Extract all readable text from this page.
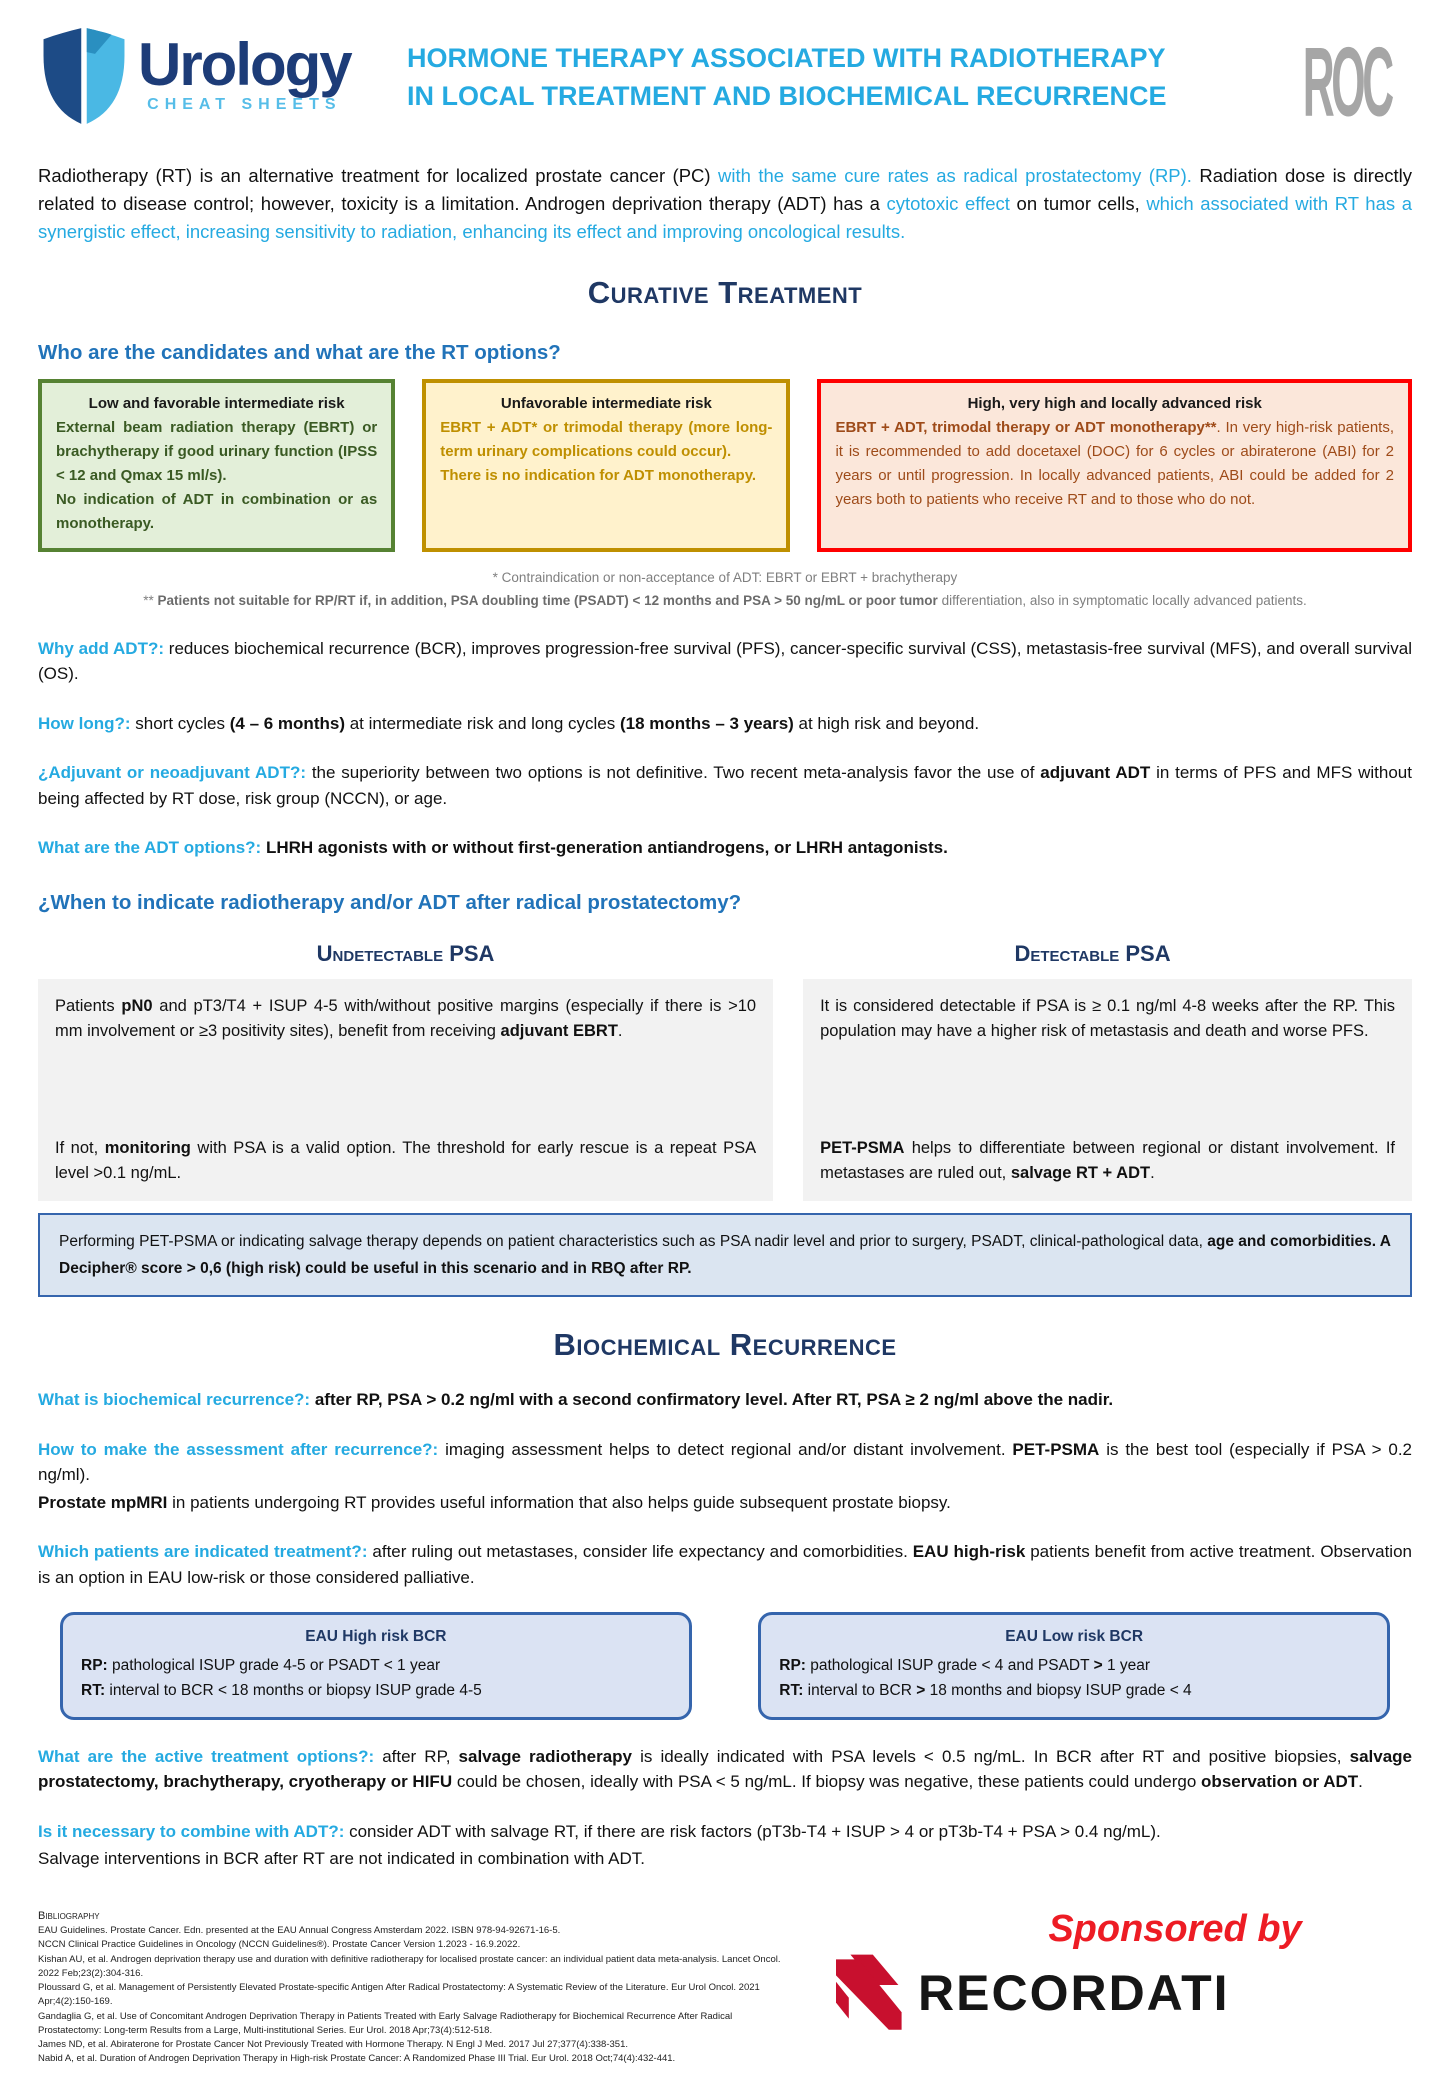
Urology
CHEAT SHEETS
HORMONE THERAPY ASSOCIATED WITH RADIOTHERAPY
IN LOCAL TREATMENT AND BIOCHEMICAL RECURRENCE	ROC

Radiotherapy (RT) is an alternative treatment for localized prostate cancer (PC) with the same cure rates as radical prostatectomy (RP). Radiation dose is directly related to disease control; however, toxicity is a limitation. Androgen deprivation therapy (ADT) has a cytotoxic effect on tumor cells, which associated with RT has a synergistic effect, increasing sensitivity to radiation, enhancing its effect and improving oncological results.

Curative Treatment
Who are the candidates and what are the RT options?

Low and favorable intermediate risk

External beam radiation therapy (EBRT) or brachytherapy if good urinary function (IPSS < 12 and Qmax 15 ml/s).

No indication of ADT in combination or as monotherapy.

Unfavorable intermediate risk

EBRT + ADT* or trimodal therapy (more long-term urinary complications could occur).

There is no indication for ADT monotherapy.

High, very high and locally advanced risk

EBRT + ADT, trimodal therapy or ADT monotherapy**. In very high-risk patients, it is recommended to add docetaxel (DOC) for 6 cycles or abiraterone (ABI) for 2 years or until progression. In locally advanced patients, ABI could be added for 2 years both to patients who receive RT and to those who do not.

* Contraindication or non-acceptance of ADT: EBRT or EBRT + brachytherapy

** Patients not suitable for RP/RT if, in addition, PSA doubling time (PSADT) < 12 months and PSA > 50 ng/mL or poor tumor differentiation, also in symptomatic locally advanced patients.

Why add ADT?: reduces biochemical recurrence (BCR), improves progression-free survival (PFS), cancer-specific survival (CSS), metastasis-free survival (MFS), and overall survival (OS).

How long?: short cycles (4 – 6 months) at intermediate risk and long cycles (18 months – 3 years) at high risk and beyond.

¿Adjuvant or neoadjuvant ADT?: the superiority between two options is not definitive. Two recent meta-analysis favor the use of adjuvant ADT in terms of PFS and MFS without being affected by RT dose, risk group (NCCN), or age.

What are the ADT options?: LHRH agonists with or without first-generation antiandrogens, or LHRH antagonists.

¿When to indicate radiotherapy and/or ADT after radical prostatectomy?
Undetectable PSA	Detectable PSA

Patients pN0 and pT3/T4 + ISUP 4-5 with/without positive margins (especially if there is >10 mm involvement or ≥3 positivity sites), benefit from receiving adjuvant EBRT.

If not, monitoring with PSA is a valid option. The threshold for early rescue is a repeat PSA level >0.1 ng/mL.

It is considered detectable if PSA is ≥ 0.1 ng/ml 4-8 weeks after the RP. This population may have a higher risk of metastasis and death and worse PFS.

PET-PSMA helps to differentiate between regional or distant involvement. If metastases are ruled out, salvage RT + ADT.

Performing PET-PSMA or indicating salvage therapy depends on patient characteristics such as PSA nadir level and prior to surgery, PSADT, clinical-pathological data, age and comorbidities. A Decipher® score > 0,6 (high risk) could be useful in this scenario and in RBQ after RP.

Biochemical Recurrence

What is biochemical recurrence?: after RP, PSA > 0.2 ng/ml with a second confirmatory level. After RT, PSA ≥ 2 ng/ml above the nadir.

How to make the assessment after recurrence?: imaging assessment helps to detect regional and/or distant involvement. PET-PSMA is the best tool (especially if PSA > 0.2 ng/ml).

Prostate mpMRI in patients undergoing RT provides useful information that also helps guide subsequent prostate biopsy.

Which patients are indicated treatment?: after ruling out metastases, consider life expectancy and comorbidities. EAU high-risk patients benefit from active treatment. Observation is an option in EAU low-risk or those considered palliative.

EAU High risk BCR

RP: pathological ISUP grade 4-5 or PSADT < 1 year

RT: interval to BCR < 18 months or biopsy ISUP grade 4-5

EAU Low risk BCR

RP: pathological ISUP grade < 4 and PSADT > 1 year

RT: interval to BCR > 18 months and biopsy ISUP grade < 4

What are the active treatment options?: after RP, salvage radiotherapy is ideally indicated with PSA levels < 0.5 ng/mL. In BCR after RT and positive biopsies, salvage prostatectomy, brachytherapy, cryotherapy or HIFU could be chosen, ideally with PSA < 5 ng/mL. If biopsy was negative, these patients could undergo observation or ADT.

Is it necessary to combine with ADT?: consider ADT with salvage RT, if there are risk factors (pT3b-T4 + ISUP > 4 or pT3b-T4 + PSA > 0.4 ng/mL).

Salvage interventions in BCR after RT are not indicated in combination with ADT.

Bibliography

EAU Guidelines. Prostate Cancer. Edn. presented at the EAU Annual Congress Amsterdam 2022. ISBN 978-94-92671-16-5.

NCCN Clinical Practice Guidelines in Oncology (NCCN Guidelines®). Prostate Cancer Version 1.2023 - 16.9.2022.

Kishan AU, et al. Androgen deprivation therapy use and duration with definitive radiotherapy for localised prostate cancer: an individual patient data meta-analysis. Lancet Oncol. 2022 Feb;23(2):304-316.

Ploussard G, et al. Management of Persistently Elevated Prostate-specific Antigen After Radical Prostatectomy: A Systematic Review of the Literature. Eur Urol Oncol. 2021 Apr;4(2):150-169.

Gandaglia G, et al. Use of Concomitant Androgen Deprivation Therapy in Patients Treated with Early Salvage Radiotherapy for Biochemical Recurrence After Radical Prostatectomy: Long-term Results from a Large, Multi-institutional Series. Eur Urol. 2018 Apr;73(4):512-518.

James ND, et al. Abiraterone for Prostate Cancer Not Previously Treated with Hormone Therapy. N Engl J Med. 2017 Jul 27;377(4):338-351.

Nabid A, et al. Duration of Androgen Deprivation Therapy in High-risk Prostate Cancer: A Randomized Phase III Trial. Eur Urol. 2018 Oct;74(4):432-441.

Sponsored by
RECORDATI
